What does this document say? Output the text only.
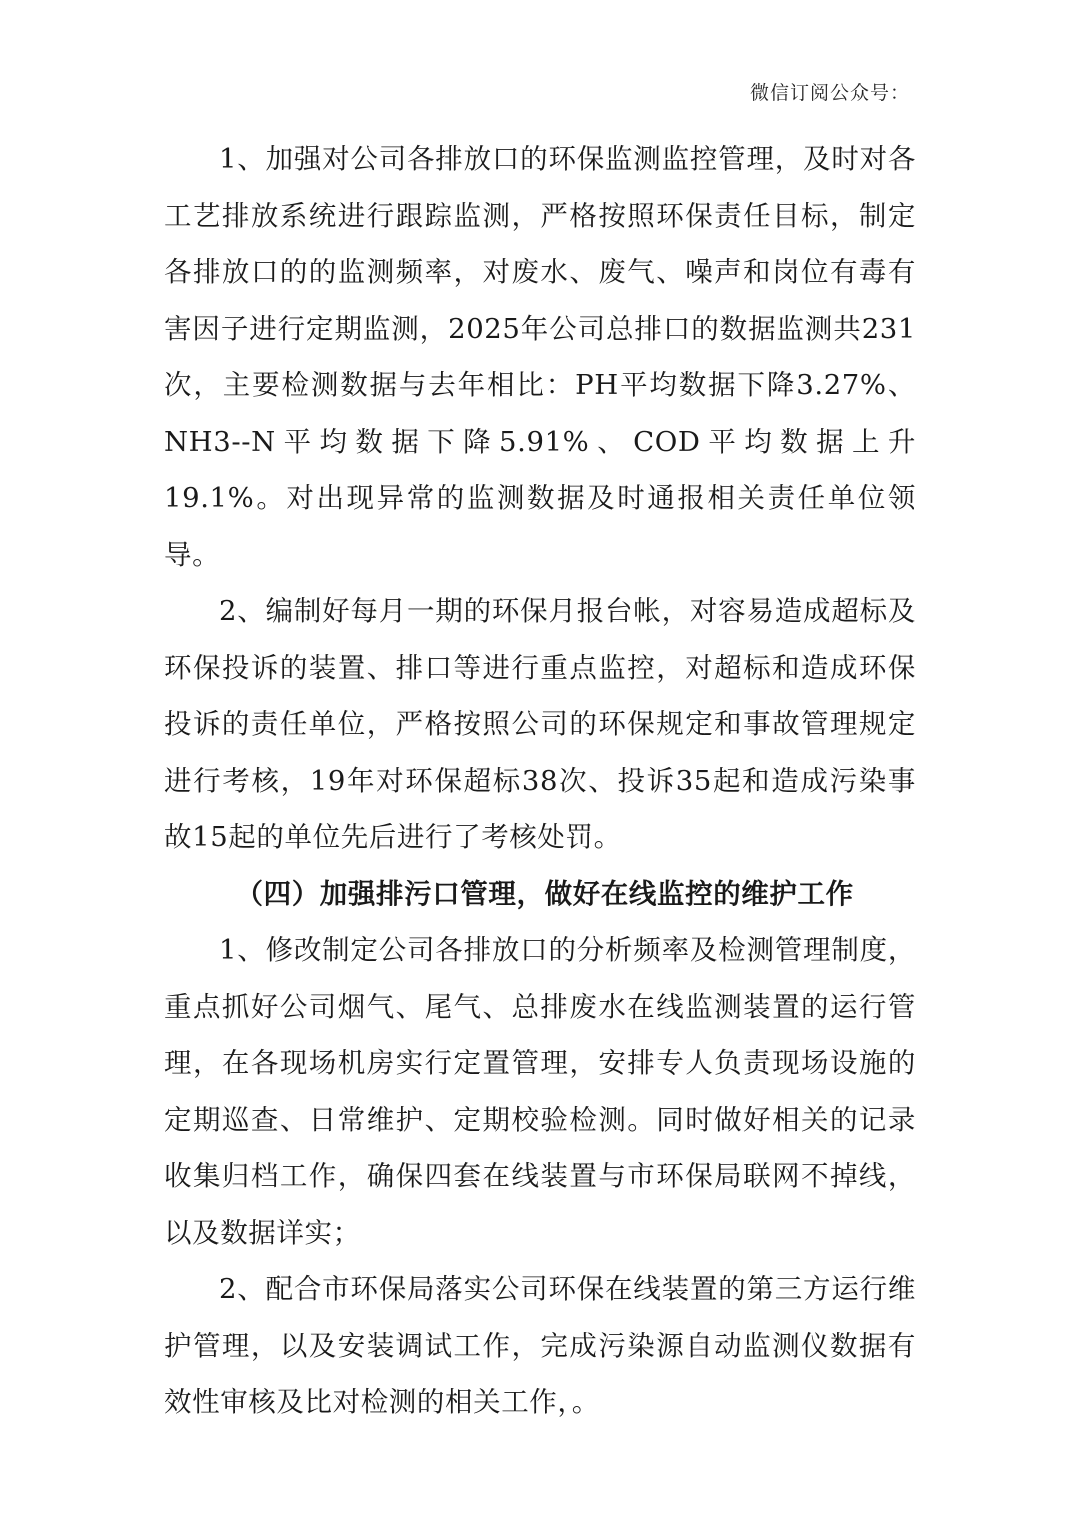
微信订阅公众号：

1、加强对公司各排放口的环保监测监控管理，及时对各工艺排放系统进行跟踪监测，严格按照环保责任目标，制定各排放口的的监测频率，对废水、废气、噪声和岗位有毒有害因子进行定期监测，2025年公司总排口的数据监测共231次，主要检测数据与去年相比：PH平均数据下降3.27%、NH3--N平均数据下降5.91%、COD平均数据上升19.1%。对出现异常的监测数据及时通报相关责任单位领导。

2、编制好每月一期的环保月报台帐，对容易造成超标及环保投诉的装置、排口等进行重点监控，对超标和造成环保投诉的责任单位，严格按照公司的环保规定和事故管理规定进行考核，19年对环保超标38次、投诉35起和造成污染事故15起的单位先后进行了考核处罚。

（四）加强排污口管理，做好在线监控的维护工作

1、修改制定公司各排放口的分析频率及检测管理制度，重点抓好公司烟气、尾气、总排废水在线监测装置的运行管理，在各现场机房实行定置管理，安排专人负责现场设施的定期巡查、日常维护、定期校验检测。同时做好相关的记录收集归档工作，确保四套在线装置与市环保局联网不掉线，以及数据详实；

2、配合市环保局落实公司环保在线装置的第三方运行维护管理，以及安装调试工作，完成污染源自动监测仪数据有效性审核及比对检测的相关工作，。
